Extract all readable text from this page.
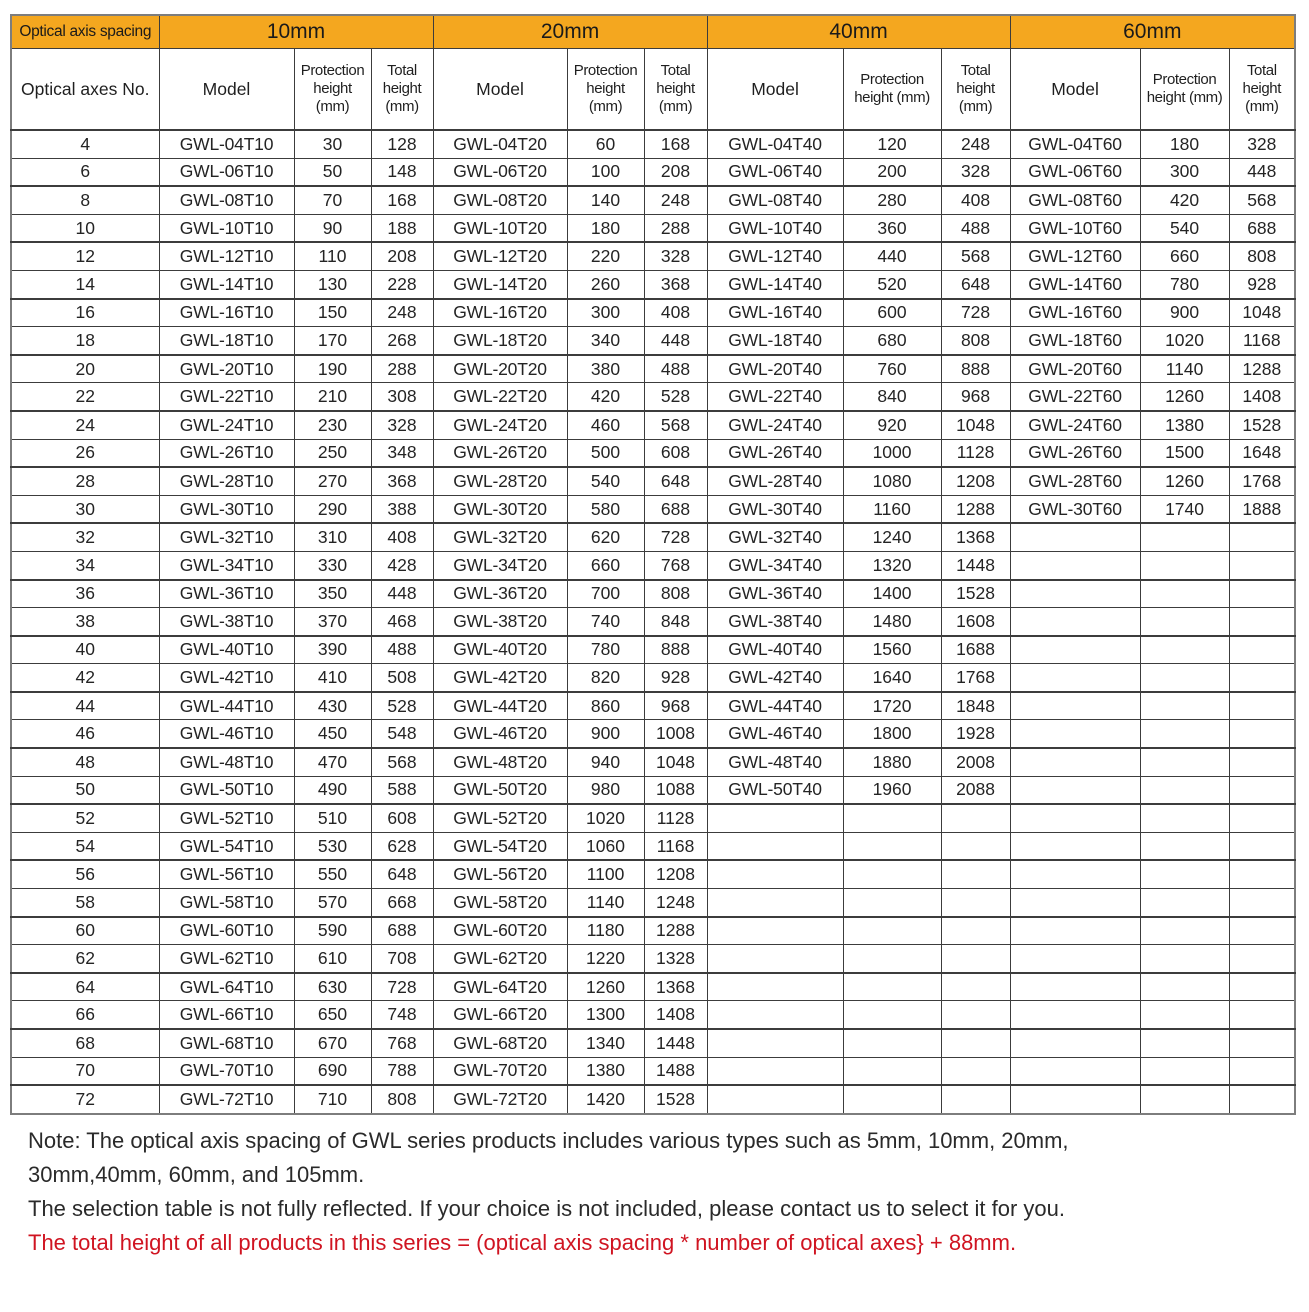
Optical axis spacing	10mm			20mm			40mm			60mm		
Optical axes No.	Model	Protection height (mm)	Total height (mm)	Model	Protection height (mm)	Total height (mm)	Model	Protection height (mm)	Total height (mm)	Model	Protection height (mm)	Total height (mm)
4	GWL-04T10	30	128	GWL-04T20	60	168	GWL-04T40	120	248	GWL-04T60	180	328
6	GWL-06T10	50	148	GWL-06T20	100	208	GWL-06T40	200	328	GWL-06T60	300	448
8	GWL-08T10	70	168	GWL-08T20	140	248	GWL-08T40	280	408	GWL-08T60	420	568
10	GWL-10T10	90	188	GWL-10T20	180	288	GWL-10T40	360	488	GWL-10T60	540	688
12	GWL-12T10	110	208	GWL-12T20	220	328	GWL-12T40	440	568	GWL-12T60	660	808
14	GWL-14T10	130	228	GWL-14T20	260	368	GWL-14T40	520	648	GWL-14T60	780	928
16	GWL-16T10	150	248	GWL-16T20	300	408	GWL-16T40	600	728	GWL-16T60	900	1048
18	GWL-18T10	170	268	GWL-18T20	340	448	GWL-18T40	680	808	GWL-18T60	1020	1168
20	GWL-20T10	190	288	GWL-20T20	380	488	GWL-20T40	760	888	GWL-20T60	1140	1288
22	GWL-22T10	210	308	GWL-22T20	420	528	GWL-22T40	840	968	GWL-22T60	1260	1408
24	GWL-24T10	230	328	GWL-24T20	460	568	GWL-24T40	920	1048	GWL-24T60	1380	1528
26	GWL-26T10	250	348	GWL-26T20	500	608	GWL-26T40	1000	1128	GWL-26T60	1500	1648
28	GWL-28T10	270	368	GWL-28T20	540	648	GWL-28T40	1080	1208	GWL-28T60	1260	1768
30	GWL-30T10	290	388	GWL-30T20	580	688	GWL-30T40	1160	1288	GWL-30T60	1740	1888
32	GWL-32T10	310	408	GWL-32T20	620	728	GWL-32T40	1240	1368			
34	GWL-34T10	330	428	GWL-34T20	660	768	GWL-34T40	1320	1448			
36	GWL-36T10	350	448	GWL-36T20	700	808	GWL-36T40	1400	1528			
38	GWL-38T10	370	468	GWL-38T20	740	848	GWL-38T40	1480	1608			
40	GWL-40T10	390	488	GWL-40T20	780	888	GWL-40T40	1560	1688			
42	GWL-42T10	410	508	GWL-42T20	820	928	GWL-42T40	1640	1768			
44	GWL-44T10	430	528	GWL-44T20	860	968	GWL-44T40	1720	1848			
46	GWL-46T10	450	548	GWL-46T20	900	1008	GWL-46T40	1800	1928			
48	GWL-48T10	470	568	GWL-48T20	940	1048	GWL-48T40	1880	2008			
50	GWL-50T10	490	588	GWL-50T20	980	1088	GWL-50T40	1960	2088			
52	GWL-52T10	510	608	GWL-52T20	1020	1128						
54	GWL-54T10	530	628	GWL-54T20	1060	1168						
56	GWL-56T10	550	648	GWL-56T20	1100	1208						
58	GWL-58T10	570	668	GWL-58T20	1140	1248						
60	GWL-60T10	590	688	GWL-60T20	1180	1288						
62	GWL-62T10	610	708	GWL-62T20	1220	1328						
64	GWL-64T10	630	728	GWL-64T20	1260	1368						
66	GWL-66T10	650	748	GWL-66T20	1300	1408						
68	GWL-68T10	670	768	GWL-68T20	1340	1448						
70	GWL-70T10	690	788	GWL-70T20	1380	1488						
72	GWL-72T10	710	808	GWL-72T20	1420	1528						

Note: The optical axis spacing of GWL series products includes various types such as 5mm, 10mm, 20mm,

30mm,40mm, 60mm, and 105mm.

The selection table is not fully reflected. If your choice is not included, please contact us to select it for you.

The total height of all products in this series = (optical axis spacing * number of optical axes} + 88mm.
